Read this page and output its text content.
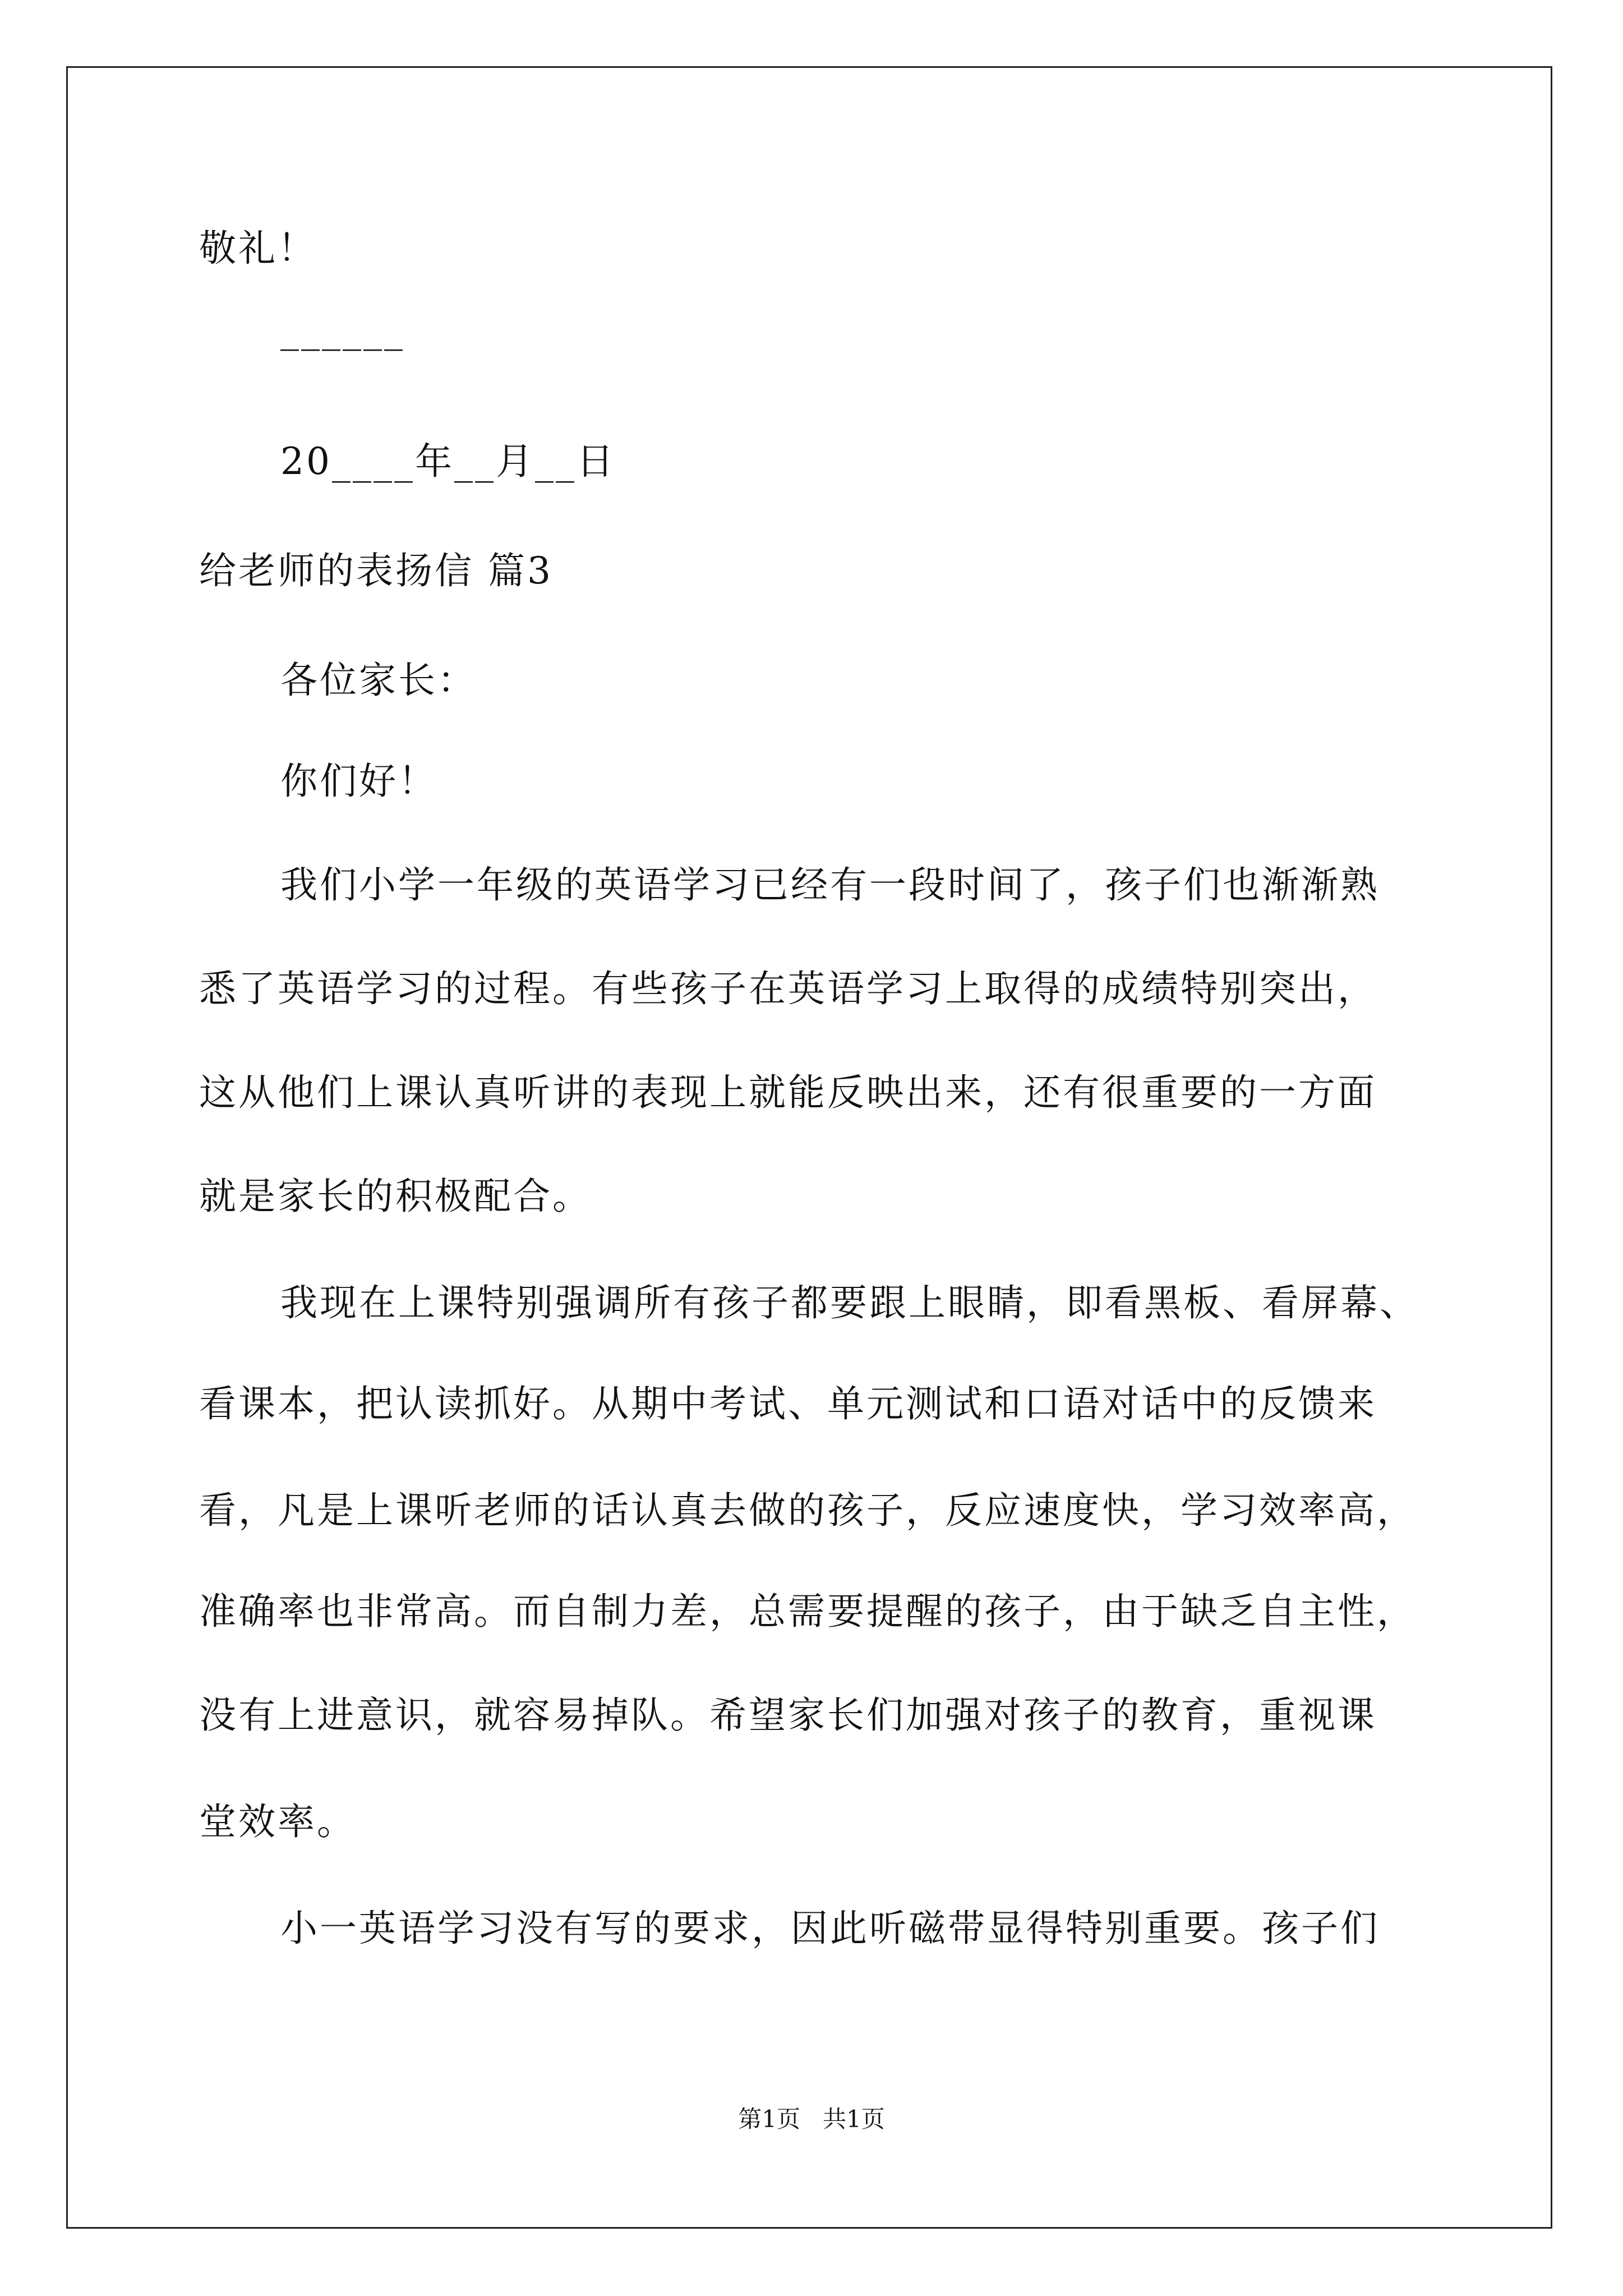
敬礼！
______
20____年__月__日
给老师的表扬信 篇3
各位家长：
你们好！
我们小学一年级的英语学习已经有一段时间了，孩子们也渐渐熟
悉了英语学习的过程。有些孩子在英语学习上取得的成绩特别突出，
这从他们上课认真听讲的表现上就能反映出来，还有很重要的一方面
就是家长的积极配合。
我现在上课特别强调所有孩子都要跟上眼睛，即看黑板、看屏幕、
看课本，把认读抓好。从期中考试、单元测试和口语对话中的反馈来
看，凡是上课听老师的话认真去做的孩子，反应速度快，学习效率高，
准确率也非常高。而自制力差，总需要提醒的孩子，由于缺乏自主性，
没有上进意识，就容易掉队。希望家长们加强对孩子的教育，重视课
堂效率。
小一英语学习没有写的要求，因此听磁带显得特别重要。孩子们
第1页   共1页
